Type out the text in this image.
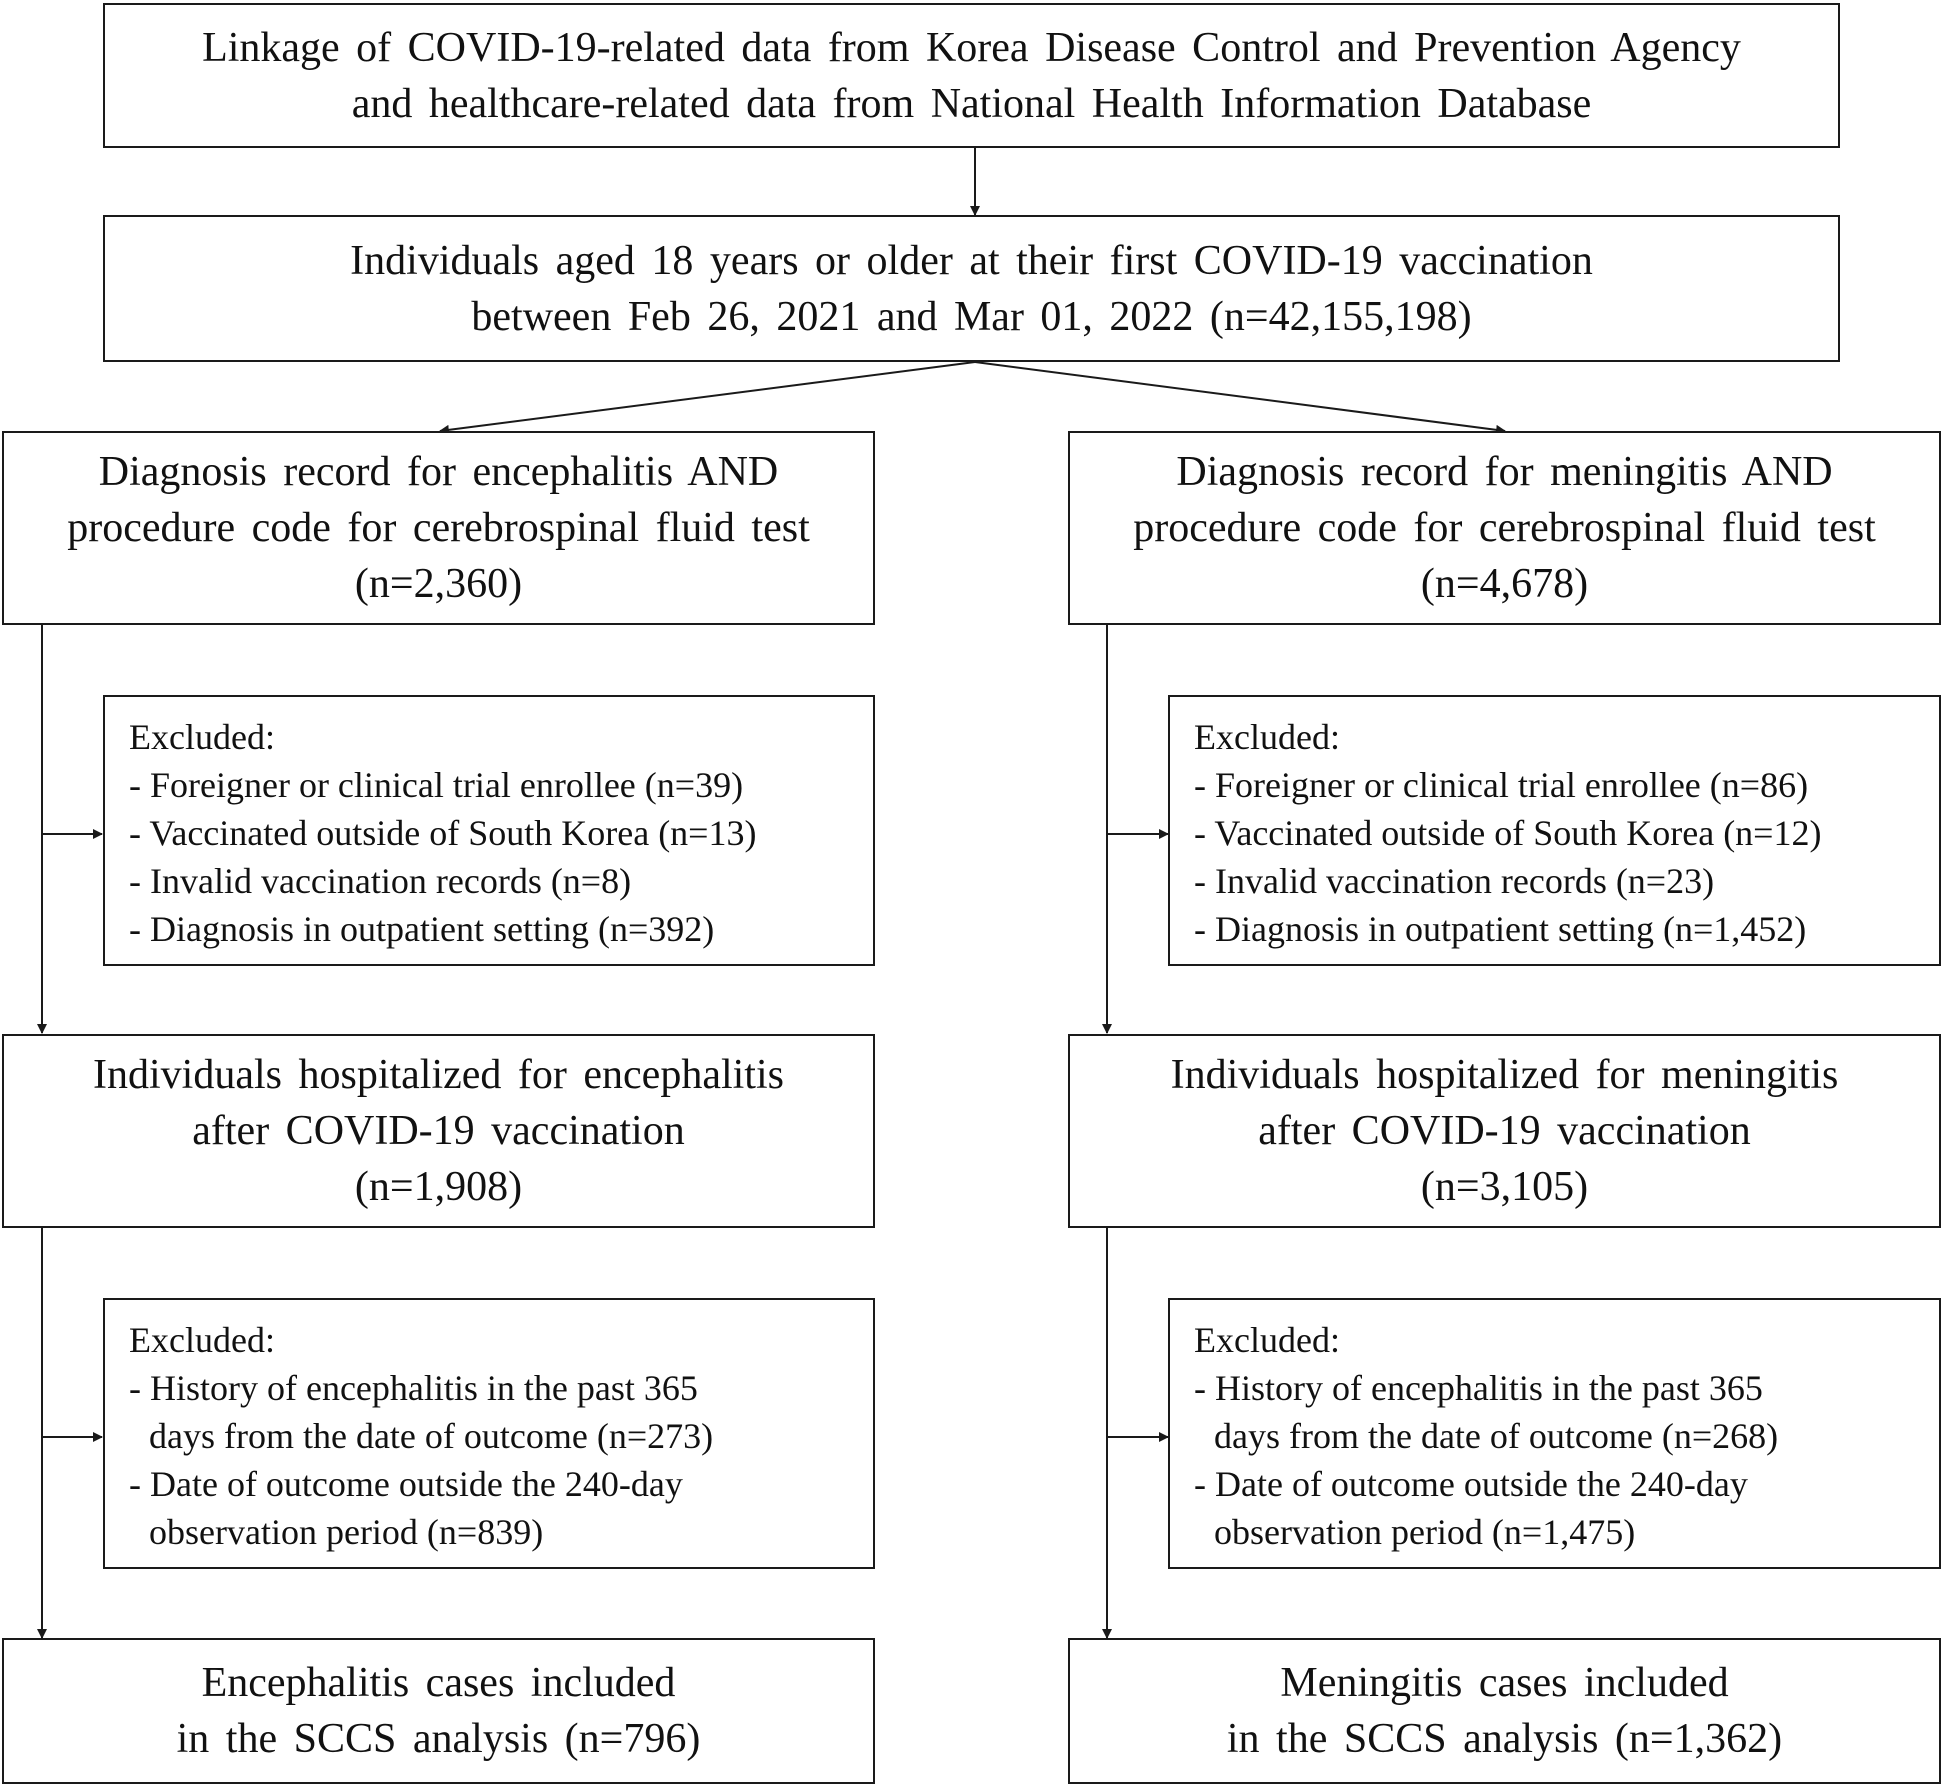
Linkage of COVID-19-related data from Korea Disease Control and Prevention Agency
and healthcare-related data from National Health Information Database
Individuals aged 18 years or older at their first COVID-19 vaccination
between Feb 26, 2021 and Mar 01, 2022 (n=42,155,198)
Diagnosis record for encephalitis AND
procedure code for cerebrospinal fluid test
(n=2,360)
Excluded:
- Foreigner or clinical trial enrollee (n=39)
- Vaccinated outside of South Korea (n=13)
- Invalid vaccination records (n=8)
- Diagnosis in outpatient setting (n=392)
Individuals hospitalized for encephalitis
after COVID-19 vaccination
(n=1,908)
Excluded:
- History of encephalitis in the past 365
days from the date of outcome (n=273)
- Date of outcome outside the 240-day
observation period (n=839)
Encephalitis cases included
in the SCCS analysis (n=796)
Diagnosis record for meningitis AND
procedure code for cerebrospinal fluid test
(n=4,678)
Excluded:
- Foreigner or clinical trial enrollee (n=86)
- Vaccinated outside of South Korea (n=12)
- Invalid vaccination records (n=23)
- Diagnosis in outpatient setting (n=1,452)
Individuals hospitalized for meningitis
after COVID-19 vaccination
(n=3,105)
Excluded:
- History of encephalitis in the past 365
days from the date of outcome (n=268)
- Date of outcome outside the 240-day
observation period (n=1,475)
Meningitis cases included
in the SCCS analysis (n=1,362)
